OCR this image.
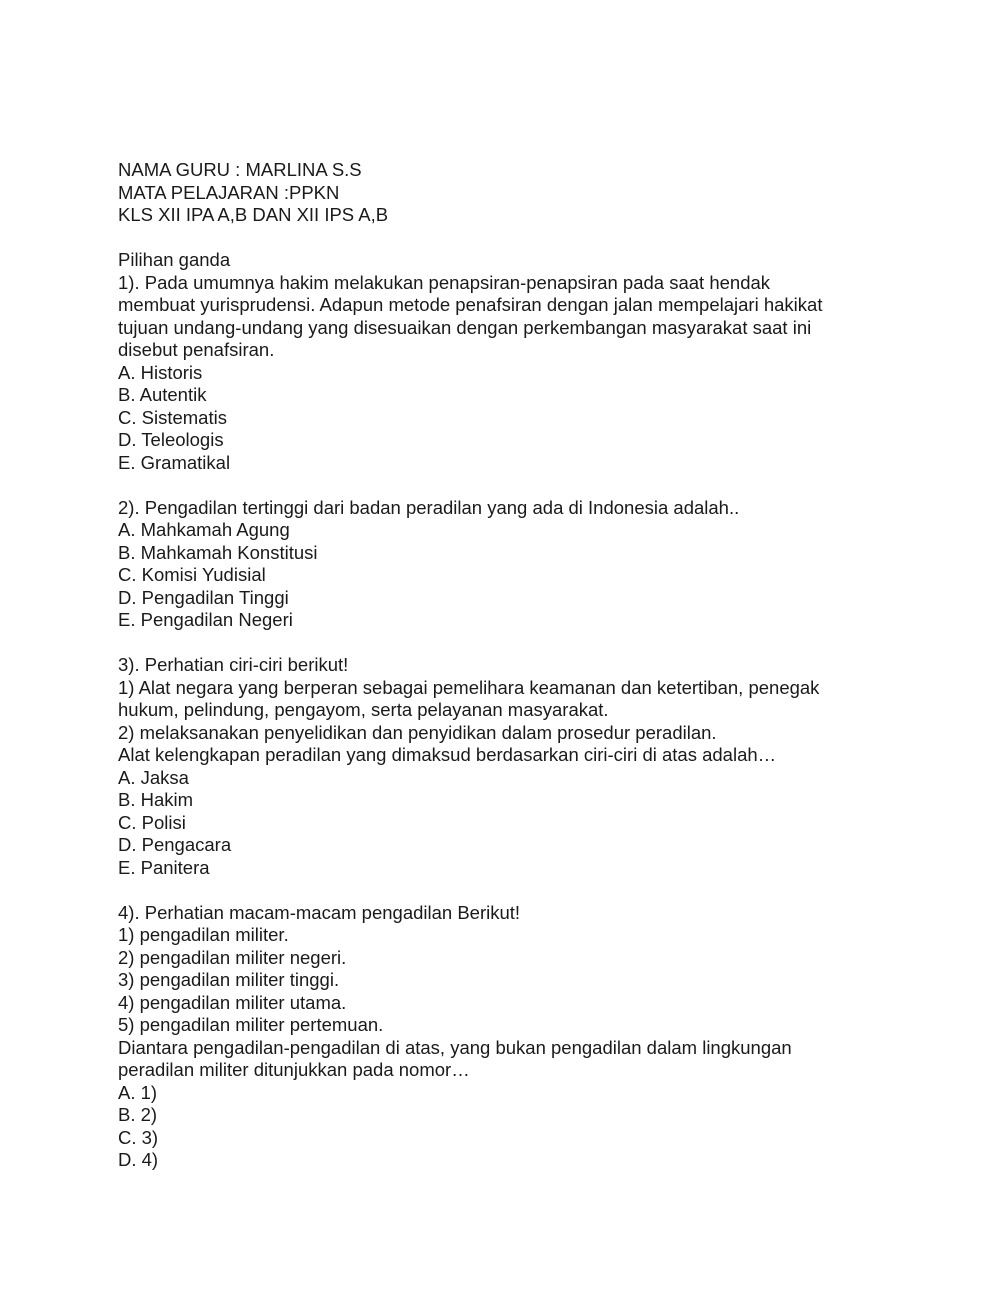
NAMA GURU : MARLINA S.S
MATA PELAJARAN :PPKN
KLS XII IPA A,B DAN XII IPS A,B
Pilihan ganda
1). Pada umumnya hakim melakukan penapsiran-penapsiran pada saat hendak
membuat yurisprudensi. Adapun metode penafsiran dengan jalan mempelajari hakikat
tujuan undang-undang yang disesuaikan dengan perkembangan masyarakat saat ini
disebut penafsiran.
A. Historis
B. Autentik
C. Sistematis
D. Teleologis
E. Gramatikal
2). Pengadilan tertinggi dari badan peradilan yang ada di Indonesia adalah..
A. Mahkamah Agung
B. Mahkamah Konstitusi
C. Komisi Yudisial
D. Pengadilan Tinggi
E. Pengadilan Negeri
3). Perhatian ciri-ciri berikut!
1) Alat negara yang berperan sebagai pemelihara keamanan dan ketertiban, penegak
hukum, pelindung, pengayom, serta pelayanan masyarakat.
2) melaksanakan penyelidikan dan penyidikan dalam prosedur peradilan.
Alat kelengkapan peradilan yang dimaksud berdasarkan ciri-ciri di atas adalah…
A. Jaksa
B. Hakim
C. Polisi
D. Pengacara
E. Panitera
4). Perhatian macam-macam pengadilan Berikut!
1) pengadilan militer.
2) pengadilan militer negeri.
3) pengadilan militer tinggi.
4) pengadilan militer utama.
5) pengadilan militer pertemuan.
Diantara pengadilan-pengadilan di atas, yang bukan pengadilan dalam lingkungan
peradilan militer ditunjukkan pada nomor…
A. 1)
B. 2)
C. 3)
D. 4)
